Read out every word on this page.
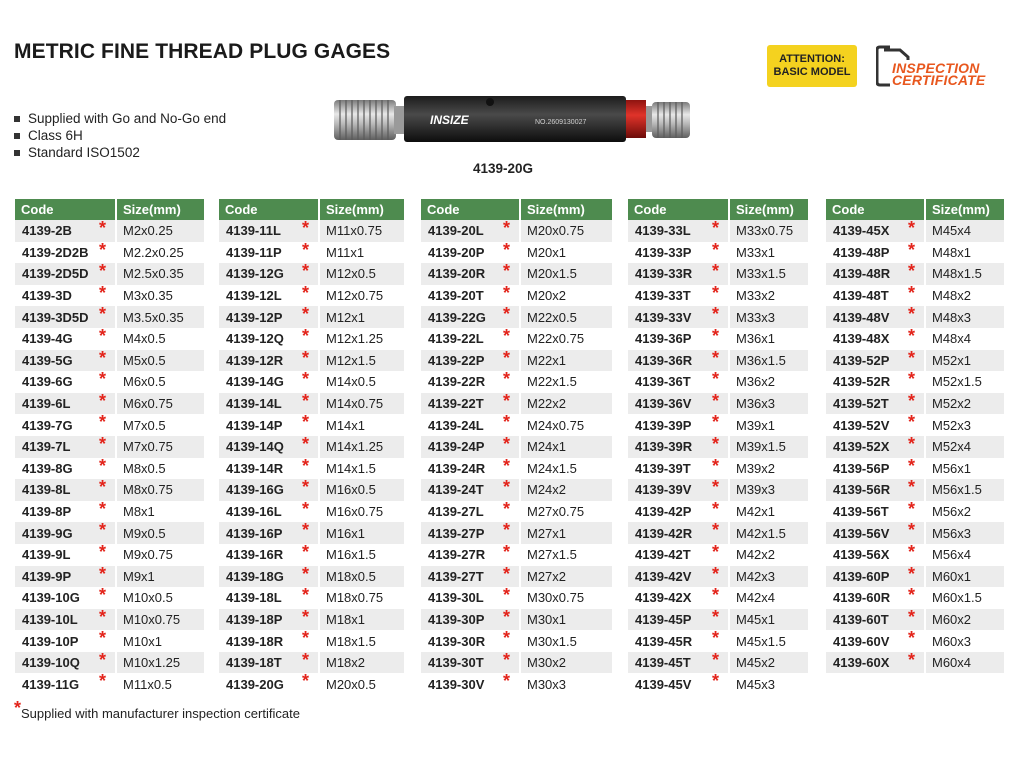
METRIC FINE THREAD PLUG GAGES
Supplied with Go and No-Go end
Class 6H
Standard ISO1502
INSIZE	NO.2609130027
4139-20G
ATTENTION:
BASIC MODEL	INSPECTION
CERTIFICATE
Code	Size(mm)
4139-2B *	M2x0.25
4139-2D2B *	M2.2x0.25
4139-2D5D *	M2.5x0.35
4139-3D *	M3x0.35
4139-3D5D *	M3.5x0.35
4139-4G *	M4x0.5
4139-5G *	M5x0.5
4139-6G *	M6x0.5
4139-6L *	M6x0.75
4139-7G *	M7x0.5
4139-7L *	M7x0.75
4139-8G *	M8x0.5
4139-8L *	M8x0.75
4139-8P *	M8x1
4139-9G *	M9x0.5
4139-9L *	M9x0.75
4139-9P *	M9x1
4139-10G *	M10x0.5
4139-10L *	M10x0.75
4139-10P *	M10x1
4139-10Q *	M10x1.25
4139-11G *	M11x0.5
Code	Size(mm)
4139-11L *	M11x0.75
4139-11P *	M11x1
4139-12G *	M12x0.5
4139-12L *	M12x0.75
4139-12P *	M12x1
4139-12Q *	M12x1.25
4139-12R *	M12x1.5
4139-14G *	M14x0.5
4139-14L *	M14x0.75
4139-14P *	M14x1
4139-14Q *	M14x1.25
4139-14R *	M14x1.5
4139-16G *	M16x0.5
4139-16L *	M16x0.75
4139-16P *	M16x1
4139-16R *	M16x1.5
4139-18G *	M18x0.5
4139-18L *	M18x0.75
4139-18P *	M18x1
4139-18R *	M18x1.5
4139-18T *	M18x2
4139-20G *	M20x0.5
Code	Size(mm)
4139-20L *	M20x0.75
4139-20P *	M20x1
4139-20R *	M20x1.5
4139-20T *	M20x2
4139-22G *	M22x0.5
4139-22L *	M22x0.75
4139-22P *	M22x1
4139-22R *	M22x1.5
4139-22T *	M22x2
4139-24L *	M24x0.75
4139-24P *	M24x1
4139-24R *	M24x1.5
4139-24T *	M24x2
4139-27L *	M27x0.75
4139-27P *	M27x1
4139-27R *	M27x1.5
4139-27T *	M27x2
4139-30L *	M30x0.75
4139-30P *	M30x1
4139-30R *	M30x1.5
4139-30T *	M30x2
4139-30V *	M30x3
Code	Size(mm)
4139-33L *	M33x0.75
4139-33P *	M33x1
4139-33R *	M33x1.5
4139-33T *	M33x2
4139-33V *	M33x3
4139-36P *	M36x1
4139-36R *	M36x1.5
4139-36T *	M36x2
4139-36V *	M36x3
4139-39P *	M39x1
4139-39R *	M39x1.5
4139-39T *	M39x2
4139-39V *	M39x3
4139-42P *	M42x1
4139-42R *	M42x1.5
4139-42T *	M42x2
4139-42V *	M42x3
4139-42X *	M42x4
4139-45P *	M45x1
4139-45R *	M45x1.5
4139-45T *	M45x2
4139-45V *	M45x3
Code	Size(mm)
4139-45X *	M45x4
4139-48P *	M48x1
4139-48R *	M48x1.5
4139-48T *	M48x2
4139-48V *	M48x3
4139-48X *	M48x4
4139-52P *	M52x1
4139-52R *	M52x1.5
4139-52T *	M52x2
4139-52V *	M52x3
4139-52X *	M52x4
4139-56P *	M56x1
4139-56R *	M56x1.5
4139-56T *	M56x2
4139-56V *	M56x3
4139-56X *	M56x4
4139-60P *	M60x1
4139-60R *	M60x1.5
4139-60T *	M60x2
4139-60V *	M60x3
4139-60X *	M60x4
*Supplied with manufacturer inspection certificate
